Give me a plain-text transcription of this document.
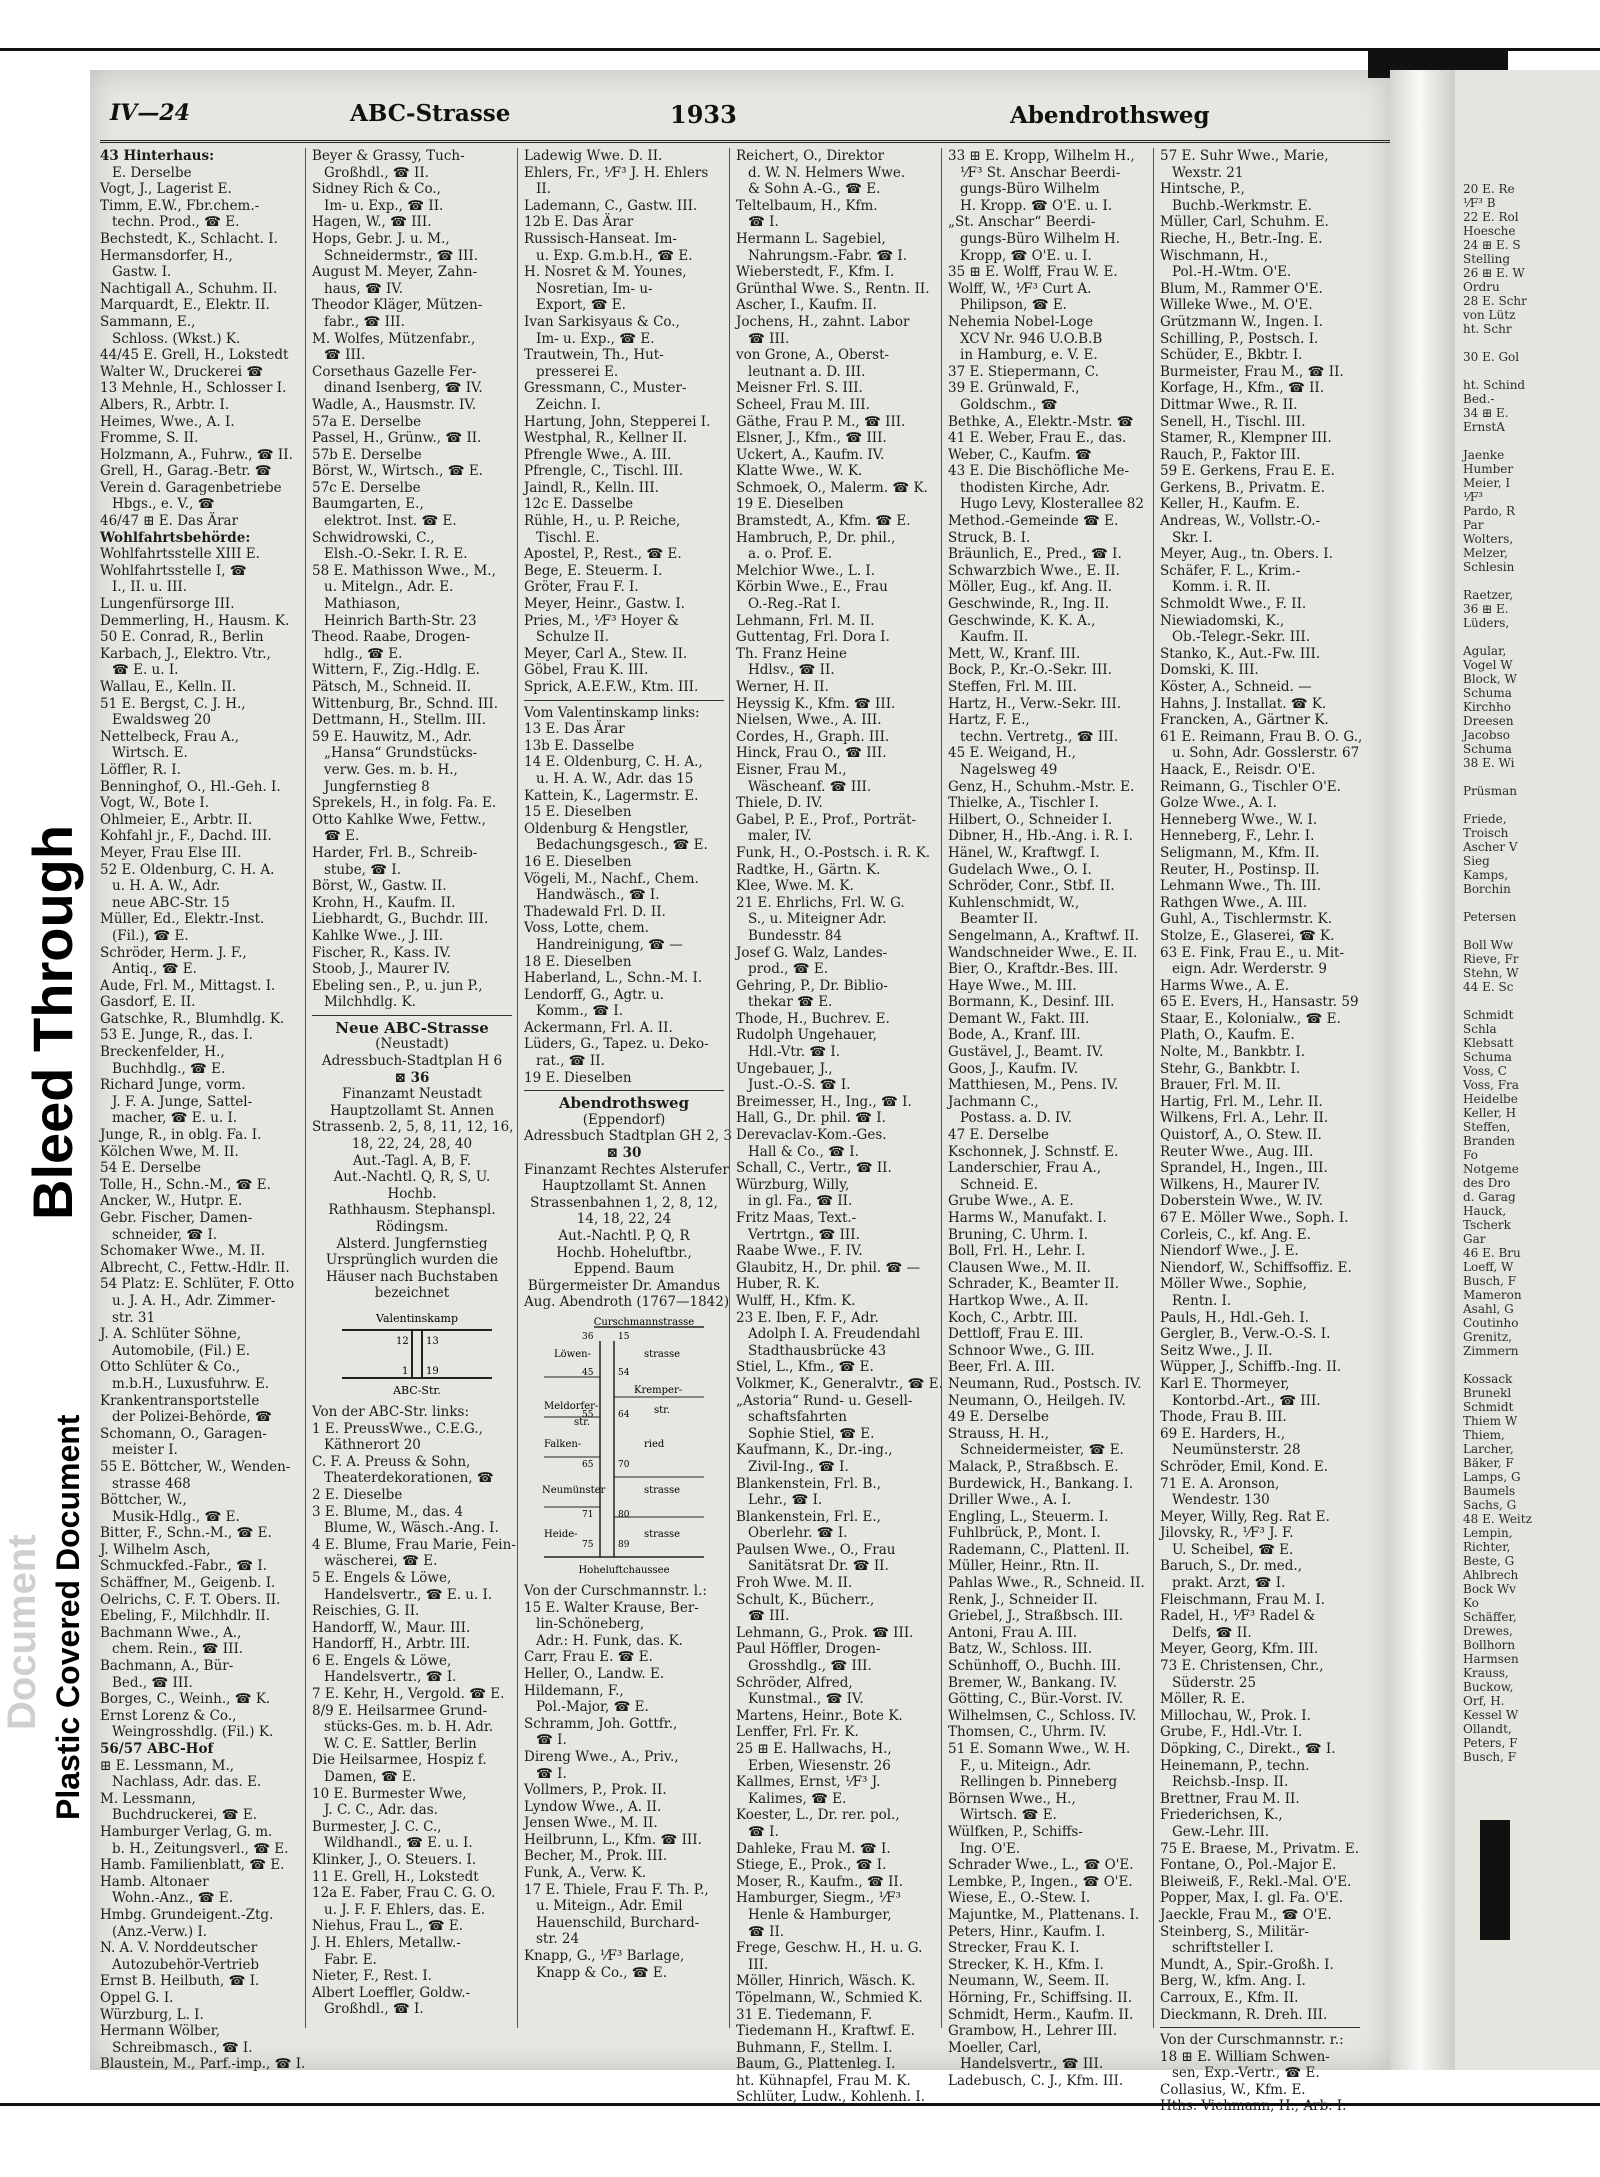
Bleed Through
Document Plastic Covered Document
20 E. Re
⅟F³ B
22 E. Rol
Hoesche
24 ⊞ E. S
Stelling
26 ⊞ E. W
Ordru
28 E. Schr
von Lütz
ht. Schr

30 E. Gol

ht. Schind
Bed.-
34 ⊞ E.
ErnstA

Jaenke
Humber
Meier, I
⅟F³
Pardo, R
Par
Wolters,
Melzer,
Schlesin

Raetzer,
36 ⊞ E.
Lüders,

Agular,
Vogel W
Block, W
Schuma
Kirchho
Dreesen
Jacobso
Schuma
38 E. Wi

Prüsman

Friede,
Troisch
Ascher V
Sieg
Kamps,
Borchin

Petersen

Boll Ww
Rieve, Fr
Stehn, W
44 E. Sc

Schmidt
Schla
Klebsatt
Schuma
Voss, C
Voss, Fra
Heidelbe
Keller, H
Steffen,
Branden
Fo
Notgeme
des Dro
d. Garag
Hauck,
Tscherk
Gar
46 E. Bru
Loeff, W
Busch, F
Mameron
Asahl, G
Coutinho
Grenitz,
Zimmern

Kossack
Brunekl
Schmidt
Thiem W
Thiem,
Larcher,
Bäker, F
Lamps, G
Baumels
Sachs, G
48 E. Weitz
Lempin,
Richter,
Beste, G
Ahlbrech
Bock Wv
Ko
Schäffer,
Drewes,
Bollhorn
Harmsen
Krauss,
Buckow,
Orf, H.
Kessel W
Ollandt,
Peters, F
Busch, F
IV—24	ABC-Strasse	1933	Abendrothsweg
43 Hinterhaus:
E. Derselbe
Vogt, J., Lagerist E.
Timm, E.W., Fbr.chem.-
techn. Prod., ☎ E.
Bechstedt, K., Schlacht. I.
Hermansdorfer, H.,
Gastw. I.
Nachtigall A., Schuhm. II.
Marquardt, E., Elektr. II.
Sammann, E.,
Schloss. (Wkst.) K.
44/45 E. Grell, H., Lokstedt
Walter W., Druckerei ☎
13 Mehnle, H., Schlosser I.
Albers, R., Arbtr. I.
Heimes, Wwe., A. I.
Fromme, S. II.
Holzmann, A., Fuhrw., ☎ II.
Grell, H., Garag.-Betr. ☎
Verein d. Garagenbetriebe
Hbgs., e. V., ☎
46/47 ⊞ E. Das Ärar
Wohlfahrtsbehörde:
Wohlfahrtsstelle XIII E.
Wohlfahrtsstelle I, ☎
I., II. u. III.
Lungenfürsorge III.
Demmerling, H., Hausm. K.
50 E. Conrad, R., Berlin
Karbach, J., Elektro. Vtr.,
☎ E. u. I.
Wallau, E., Kelln. II.
51 E. Bergst, C. J. H.,
Ewaldsweg 20
Nettelbeck, Frau A.,
Wirtsch. E.
Löffler, R. I.
Benninghof, O., Hl.-Geh. I.
Vogt, W., Bote I.
Ohlmeier, E., Arbtr. II.
Kohfahl jr., F., Dachd. III.
Meyer, Frau Else III.
52 E. Oldenburg, C. H. A.
u. H. A. W., Adr.
neue ABC-Str. 15
Müller, Ed., Elektr.-Inst.
(Fil.), ☎ E.
Schröder, Herm. J. F.,
Antiq., ☎ E.
Aude, Frl. M., Mittagst. I.
Gasdorf, E. II.
Gatschke, R., Blumhdlg. K.
53 E. Junge, R., das. I.
Breckenfelder, H.,
Buchhdlg., ☎ E.
Richard Junge, vorm.
J. F. A. Junge, Sattel-
macher, ☎ E. u. I.
Junge, R., in oblg. Fa. I.
Kölchen Wwe, M. II.
54 E. Derselbe
Tolle, H., Schn.-M., ☎ E.
Ancker, W., Hutpr. E.
Gebr. Fischer, Damen-
schneider, ☎ I.
Schomaker Wwe., M. II.
Albrecht, C., Fettw.-Hdlr. II.
54 Platz: E. Schlüter, F. Otto
u. J. A. H., Adr. Zimmer-
str. 31
J. A. Schlüter Söhne,
Automobile, (Fil.) E.
Otto Schlüter & Co.,
m.b.H., Luxusfuhrw. E.
Krankentransportstelle
der Polizei-Behörde, ☎
Schomann, O., Garagen-
meister I.
55 E. Böttcher, W., Wenden-
strasse 468
Böttcher, W.,
Musik-Hdlg., ☎ E.
Bitter, F., Schn.-M., ☎ E.
J. Wilhelm Asch,
Schmuckfed.-Fabr., ☎ I.
Schäffner, M., Geigenb. I.
Oelrichs, C. F. T. Obers. II.
Ebeling, F., Milchhdlr. II.
Bachmann Wwe., A.,
chem. Rein., ☎ III.
Bachmann, A., Bür-
Bed., ☎ III.
Borges, C., Weinh., ☎ K.
Ernst Lorenz & Co.,
Weingrosshdlg. (Fil.) K.
56/57 ABC-Hof
⊞ E. Lessmann, M.,
Nachlass, Adr. das. E.
M. Lessmann,
Buchdruckerei, ☎ E.
Hamburger Verlag, G. m.
b. H., Zeitungsverl., ☎ E.
Hamb. Familienblatt, ☎ E.
Hamb. Altonaer
Wohn.-Anz., ☎ E.
Hmbg. Grundeigent.-Ztg.
(Anz.-Verw.) I.
N. A. V. Norddeutscher
Autozubehör-Vertrieb
Ernst B. Heilbuth, ☎ I.
Oppel G. I.
Würzburg, L. I.
Hermann Wölber,
Schreibmasch., ☎ I.
Blaustein, M., Parf.-imp., ☎ I.
Beyer & Grassy, Tuch-
Großhdl., ☎ II.
Sidney Rich & Co.,
Im- u. Exp., ☎ II.
Hagen, W., ☎ III.
Hops, Gebr. J. u. M.,
Schneidermstr., ☎ III.
August M. Meyer, Zahn-
haus, ☎ IV.
Theodor Kläger, Mützen-
fabr., ☎ III.
M. Wolfes, Mützenfabr.,
☎ III.
Corsethaus Gazelle Fer-
dinand Isenberg, ☎ IV.
Wadle, A., Hausmstr. IV.
57a E. Derselbe
Passel, H., Grünw., ☎ II.
57b E. Derselbe
Börst, W., Wirtsch., ☎ E.
57c E. Derselbe
Baumgarten, E.,
elektrot. Inst. ☎ E.
Schwidrowski, C.,
Elsh.-O.-Sekr. I. R. E.
58 E. Mathisson Wwe., M.,
u. Mitelgn., Adr. E.
Mathiason,
Heinrich Barth-Str. 23
Theod. Raabe, Drogen-
hdlg., ☎ E.
Wittern, F., Zig.-Hdlg. E.
Pätsch, M., Schneid. II.
Wittenburg, Br., Schnd. III.
Dettmann, H., Stellm. III.
59 E. Hauwitz, M., Adr.
„Hansa“ Grundstücks-
verw. Ges. m. b. H.,
Jungfernstieg 8
Sprekels, H., in folg. Fa. E.
Otto Kahlke Wwe, Fettw.,
☎ E.
Harder, Frl. B., Schreib-
stube, ☎ I.
Börst, W., Gastw. II.
Krohn, H., Kaufm. II.
Liebhardt, G., Buchdr. III.
Kahlke Wwe., J. III.
Fischer, R., Kass. IV.
Stoob, J., Maurer IV.
Ebeling sen., P., u. jun P.,
Milchhdlg. K.
Neue ABC-Strasse
(Neustadt)
Adressbuch-Stadtplan H 6
⊠ 36
Finanzamt Neustadt
Hauptzollamt St. Annen
Strassenb. 2, 5, 8, 11, 12, 16,
18, 22, 24, 28, 40
Aut.-Tagl. A, B, F.
Aut.-Nachtl. Q, R, S, U.
Hochb.
Rathhausm. Stephanspl.
Rödingsm.
Alsterd. Jungfernstieg
Ursprünglich wurden die
Häuser nach Buchstaben
bezeichnet
Valentinskamp
ABC-Str.
12 13
1 19
Von der ABC-Str. links:
1 E. PreussWwe., C.E.G.,
Käthnerort 20
C. F. A. Preuss & Sohn,
Theaterdekorationen, ☎
2 E. Dieselbe
3 E. Blume, M., das. 4
Blume, W., Wäsch.-Ang. I.
4 E. Blume, Frau Marie, Fein-
wäscherei, ☎ E.
5 E. Engels & Löwe,
Handelsvertr., ☎ E. u. I.
Reischies, G. II.
Handorff, W., Maur. III.
Handorff, H., Arbtr. III.
6 E. Engels & Löwe,
Handelsvertr., ☎ I.
7 E. Kehr, H., Vergold. ☎ E.
8/9 E. Heilsarmee Grund-
stücks-Ges. m. b. H. Adr.
W. C. E. Sattler, Berlin
Die Heilsarmee, Hospiz f.
Damen, ☎ E.
10 E. Burmester Wwe,
J. C. C., Adr. das.
Burmester, J. C. C.,
Wildhandl., ☎ E. u. I.
Klinker, J., O. Steuers. I.
11 E. Grell, H., Lokstedt
12a E. Faber, Frau C. G. O.
u. J. F. F. Ehlers, das. E.
Niehus, Frau L., ☎ E.
J. H. Ehlers, Metallw.-
Fabr. E.
Nieter, F., Rest. I.
Albert Loeffler, Goldw.-
Großhdl., ☎ I.
Ladewig Wwe. D. II.
Ehlers, Fr., ⅟F³ J. H. Ehlers
II.
Lademann, C., Gastw. III.
12b E. Das Ärar
Russisch-Hanseat. Im-
u. Exp. G.m.b.H., ☎ E.
H. Nosret & M. Younes,
Nosretian, Im- u-
Export, ☎ E.
Ivan Sarkisyaus & Co.,
Im- u. Exp., ☎ E.
Trautwein, Th., Hut-
presserei E.
Gressmann, C., Muster-
Zeichn. I.
Hartung, John, Stepperei I.
Westphal, R., Kellner II.
Pfrengle Wwe., A. III.
Pfrengle, C., Tischl. III.
Jaindl, R., Kelln. III.
12c E. Dasselbe
Rühle, H., u. P. Reiche,
Tischl. E.
Apostel, P., Rest., ☎ E.
Bege, E. Steuerm. I.
Gröter, Frau F. I.
Meyer, Heinr., Gastw. I.
Pries, M., ⅟F³ Hoyer &
Schulze II.
Meyer, Carl A., Stew. II.
Göbel, Frau K. III.
Sprick, A.E.F.W., Ktm. III.
Vom Valentinskamp links:
13 E. Das Ärar
13b E. Dasselbe
14 E. Oldenburg, C. H. A.,
u. H. A. W., Adr. das 15
Kattein, K., Lagermstr. E.
15 E. Dieselben
Oldenburg & Hengstler,
Bedachungsgesch., ☎ E.
16 E. Dieselben
Vögeli, M., Nachf., Chem.
Handwäsch., ☎ I.
Thadewald Frl. D. II.
Voss, Lotte, chem.
Handreinigung, ☎ —
18 E. Dieselben
Haberland, L., Schn.-M. I.
Lendorff, G., Agtr. u.
Komm., ☎ I.
Ackermann, Frl. A. II.
Lüders, G., Tapez. u. Deko-
rat., ☎ II.
19 E. Dieselben
Abendrothsweg
(Eppendorf)
Adressbuch Stadtplan GH 2, 3
⊠ 30
Finanzamt Rechtes Alsterufer
Hauptzollamt St. Annen
Strassenbahnen 1, 2, 8, 12,
14, 18, 22, 24
Aut.-Nachtl. P, Q, R
Hochb. Hoheluftbr.,
Eppend. Baum
Bürgermeister Dr. Amandus
Aug. Abendroth (1767—1842)
Curschmannstrasse
Löwen-	strasse
Kremper-
str.
Meldorfer-
str.
Falken-	ried
Neumünster	strasse
Heide-	strasse
Hoheluftchaussee
36	15
45	54
55	64
65	70
71	80
75	89
Von der Curschmannstr. l.:
15 E. Walter Krause, Ber-
lin-Schöneberg,
Adr.: H. Funk, das. K.
Carr, Frau E. ☎ E.
Heller, O., Landw. E.
Hildemann, F.,
Pol.-Major, ☎ E.
Schramm, Joh. Gottfr.,
☎ I.
Direng Wwe., A., Priv.,
☎ I.
Vollmers, P., Prok. II.
Lyndow Wwe., A. II.
Jensen Wwe., M. II.
Heilbrunn, L., Kfm. ☎ III.
Becher, M., Prok. III.
Funk, A., Verw. K.
17 E. Thiele, Frau F. Th. P.,
u. Miteign., Adr. Emil
Hauenschild, Burchard-
str. 24
Knapp, G., ⅟F³ Barlage,
Knapp & Co., ☎ E.
Reichert, O., Direktor
d. W. N. Helmers Wwe.
& Sohn A.-G., ☎ E.
Teltelbaum, H., Kfm.
☎ I.
Hermann L. Sagebiel,
Nahrungsm.-Fabr. ☎ I.
Wieberstedt, F., Kfm. I.
Grünthal Wwe. S., Rentn. II.
Ascher, I., Kaufm. II.
Jochens, H., zahnt. Labor
☎ III.
von Grone, A., Oberst-
leutnant a. D. III.
Meisner Frl. S. III.
Scheel, Frau M. III.
Gäthe, Frau P. M., ☎ III.
Elsner, J., Kfm., ☎ III.
Uckert, A., Kaufm. IV.
Klatte Wwe., W. K.
Schmoek, O., Malerm. ☎ K.
19 E. Dieselben
Bramstedt, A., Kfm. ☎ E.
Hambruch, P., Dr. phil.,
a. o. Prof. E.
Melchior Wwe., L. I.
Körbin Wwe., E., Frau
O.-Reg.-Rat I.
Lehmann, Frl. M. II.
Guttentag, Frl. Dora I.
Th. Franz Heine
Hdlsv., ☎ II.
Werner, H. II.
Heyssig K., Kfm. ☎ III.
Nielsen, Wwe., A. III.
Cordes, H., Graph. III.
Hinck, Frau O., ☎ III.
Eisner, Frau M.,
Wäscheanf. ☎ III.
Thiele, D. IV.
Gabel, P. E., Prof., Porträt-
maler, IV.
Funk, H., O.-Postsch. i. R. K.
Radtke, H., Gärtn. K.
Klee, Wwe. M. K.
21 E. Ehrlichs, Frl. W. G.
S., u. Miteigner Adr.
Bundesstr. 84
Josef G. Walz, Landes-
prod., ☎ E.
Gehring, P., Dr. Biblio-
thekar ☎ E.
Thode, H., Buchrev. E.
Rudolph Ungehauer,
Hdl.-Vtr. ☎ I.
Ungebauer, J.,
Just.-O.-S. ☎ I.
Breimesser, H., Ing., ☎ I.
Hall, G., Dr. phil. ☎ I.
Derevaclav-Kom.-Ges.
Hall & Co., ☎ I.
Schall, C., Vertr., ☎ II.
Würzburg, Willy,
in gl. Fa., ☎ II.
Fritz Maas, Text.-
Vertrtgn., ☎ III.
Raabe Wwe., F. IV.
Glaubitz, H., Dr. phil. ☎ —
Huber, R. K.
Wulff, H., Kfm. K.
23 E. Iben, F. F., Adr.
Adolph I. A. Freudendahl
Stadthausbrücke 43
Stiel, L., Kfm., ☎ E.
Volkmer, K., Generalvtr., ☎ E.
„Astoria“ Rund- u. Gesell-
schaftsfahrten
Sophie Stiel, ☎ E.
Kaufmann, K., Dr.-ing.,
Zivil-Ing., ☎ I.
Blankenstein, Frl. B.,
Lehr., ☎ I.
Blankenstein, Frl. E.,
Oberlehr. ☎ I.
Paulsen Wwe., O., Frau
Sanitätsrat Dr. ☎ II.
Froh Wwe. M. II.
Schult, K., Bücherr.,
☎ III.
Lehmann, G., Prok. ☎ III.
Paul Höffler, Drogen-
Grosshdlg., ☎ III.
Schröder, Alfred,
Kunstmal., ☎ IV.
Martens, Heinr., Bote K.
Lenffer, Frl. Fr. K.
25 ⊞ E. Hallwachs, H.,
Erben, Wiesenstr. 26
Kallmes, Ernst, ⅟F³ J.
Kalimes, ☎ E.
Koester, L., Dr. rer. pol.,
☎ I.
Dahleke, Frau M. ☎ I.
Stiege, E., Prok., ☎ I.
Moser, R., Kaufm., ☎ II.
Hamburger, Siegm., ⅟F³
Henle & Hamburger,
☎ II.
Frege, Geschw. H., H. u. G.
III.
Möller, Hinrich, Wäsch. K.
Töpelmann, W., Schmied K.
31 E. Tiedemann, F.
Tiedemann H., Kraftwf. E.
Buhmann, F., Stellm. I.
Baum, G., Plattenleg. I.
ht. Kühnapfel, Frau M. K.
Schlüter, Ludw., Kohlenh. I.
33 ⊞ E. Kropp, Wilhelm H.,
⅟F³ St. Anschar Beerdi-
gungs-Büro Wilhelm
H. Kropp. ☎ O'E. u. I.
„St. Anschar“ Beerdi-
gungs-Büro Wilhelm H.
Kropp, ☎ O'E. u. I.
35 ⊞ E. Wolff, Frau W. E.
Wolff, W., ⅟F³ Curt A.
Philipson, ☎ E.
Nehemia Nobel-Loge
XCV Nr. 946 U.O.B.B
in Hamburg, e. V. E.
37 E. Stiepermann, C.
39 E. Grünwald, F.,
Goldschm., ☎
Bethke, A., Elektr.-Mstr. ☎
41 E. Weber, Frau E., das.
Weber, C., Kaufm. ☎
43 E. Die Bischöfliche Me-
thodisten Kirche, Adr.
Hugo Levy, Klosterallee 82
Method.-Gemeinde ☎ E.
Struck, B. I.
Bräunlich, E., Pred., ☎ I.
Schwarzbich Wwe., E. II.
Möller, Eug., kf. Ang. II.
Geschwinde, R., Ing. II.
Geschwinde, K. K. A.,
Kaufm. II.
Mett, W., Kranf. III.
Bock, P., Kr.-O.-Sekr. III.
Steffen, Frl. M. III.
Hartz, H., Verw.-Sekr. III.
Hartz, F. E.,
techn. Vertretg., ☎ III.
45 E. Weigand, H.,
Nagelsweg 49
Genz, H., Schuhm.-Mstr. E.
Thielke, A., Tischler I.
Hilbert, O., Schneider I.
Dibner, H., Hb.-Ang. i. R. I.
Hänel, W., Kraftwgf. I.
Gudelach Wwe., O. I.
Schröder, Conr., Stbf. II.
Kuhlenschmidt, W.,
Beamter II.
Sengelmann, A., Kraftwf. II.
Wandschneider Wwe., E. II.
Bier, O., Kraftdr.-Bes. III.
Haye Wwe., M. III.
Bormann, K., Desinf. III.
Demant W., Fakt. III.
Bode, A., Kranf. III.
Gustävel, J., Beamt. IV.
Goos, J., Kaufm. IV.
Matthiesen, M., Pens. IV.
Jachmann C.,
Postass. a. D. IV.
47 E. Derselbe
Kschonnek, J. Schnstf. E.
Landerschier, Frau A.,
Schneid. E.
Grube Wwe., A. E.
Harms W., Manufakt. I.
Bruning, C. Uhrm. I.
Boll, Frl. H., Lehr. I.
Clausen Wwe., M. II.
Schrader, K., Beamter II.
Hartkop Wwe., A. II.
Koch, C., Arbtr. III.
Dettloff, Frau E. III.
Schnoor Wwe., G. III.
Beer, Frl. A. III.
Neumann, Rud., Postsch. IV.
Neumann, O., Heilgeh. IV.
49 E. Derselbe
Strauss, H. H.,
Schneidermeister, ☎ E.
Malack, P., Straßbsch. E.
Burdewick, H., Bankang. I.
Driller Wwe., A. I.
Engling, L., Steuerm. I.
Fuhlbrück, P., Mont. I.
Rademann, C., Plattenl. II.
Müller, Heinr., Rtn. II.
Pahlas Wwe., R., Schneid. II.
Renk, J., Schneider II.
Griebel, J., Straßbsch. III.
Antoni, Frau A. III.
Batz, W., Schloss. III.
Schünhoff, O., Buchh. III.
Bremer, W., Bankang. IV.
Götting, C., Bür.-Vorst. IV.
Wilhelmsen, C., Schloss. IV.
Thomsen, C., Uhrm. IV.
51 E. Somann Wwe., W. H.
F., u. Miteign., Adr.
Rellingen b. Pinneberg
Börnsen Wwe., H.,
Wirtsch. ☎ E.
Wülfken, P., Schiffs-
Ing. O'E.
Schrader Wwe., L., ☎ O'E.
Lembke, P., Ingen., ☎ O'E.
Wiese, E., O.-Stew. I.
Majuntke, M., Plattenans. I.
Peters, Hinr., Kaufm. I.
Strecker, Frau K. I.
Strecker, K. H., Kfm. I.
Neumann, W., Seem. II.
Hörning, Fr., Schiffsing. II.
Schmidt, Herm., Kaufm. II.
Grambow, H., Lehrer III.
Moeller, Carl,
Handelsvertr., ☎ III.
Ladebusch, C. J., Kfm. III.
57 E. Suhr Wwe., Marie,
Wexstr. 21
Hintsche, P.,
Buchb.-Werkmstr. E.
Müller, Carl, Schuhm. E.
Rieche, H., Betr.-Ing. E.
Wischmann, H.,
Pol.-H.-Wtm. O'E.
Blum, M., Rammer O'E.
Willeke Wwe., M. O'E.
Grützmann W., Ingen. I.
Schilling, P., Postsch. I.
Schüder, E., Bkbtr. I.
Burmeister, Frau M., ☎ II.
Korfage, H., Kfm., ☎ II.
Dittmar Wwe., R. II.
Senell, H., Tischl. III.
Stamer, R., Klempner III.
Rauch, P., Faktor III.
59 E. Gerkens, Frau E. E.
Gerkens, B., Privatm. E.
Keller, H., Kaufm. E.
Andreas, W., Vollstr.-O.-
Skr. I.
Meyer, Aug., tn. Obers. I.
Schäfer, F. L., Krim.-
Komm. i. R. II.
Schmoldt Wwe., F. II.
Niewiadomski, K.,
Ob.-Telegr.-Sekr. III.
Stanko, K., Aut.-Fw. III.
Domski, K. III.
Köster, A., Schneid. —
Hahns, J. Installat. ☎ K.
Francken, A., Gärtner K.
61 E. Reimann, Frau B. O. G.,
u. Sohn, Adr. Gosslerstr. 67
Haack, E., Reisdr. O'E.
Reimann, G., Tischler O'E.
Golze Wwe., A. I.
Henneberg Wwe., W. I.
Henneberg, F., Lehr. I.
Seligmann, M., Kfm. II.
Reuter, H., Postinsp. II.
Lehmann Wwe., Th. III.
Rathgen Wwe., A. III.
Guhl, A., Tischlermstr. K.
Stolze, E., Glaserei, ☎ K.
63 E. Fink, Frau E., u. Mit-
eign. Adr. Werderstr. 9
Harms Wwe., A. E.
65 E. Evers, H., Hansastr. 59
Staar, E., Kolonialw., ☎ E.
Plath, O., Kaufm. E.
Nolte, M., Bankbtr. I.
Stehr, G., Bankbtr. I.
Brauer, Frl. M. II.
Hartig, Frl. M., Lehr. II.
Wilkens, Frl. A., Lehr. II.
Quistorf, A., O. Stew. II.
Reuter Wwe., Aug. III.
Sprandel, H., Ingen., III.
Wilkens, H., Maurer IV.
Doberstein Wwe., W. IV.
67 E. Möller Wwe., Soph. I.
Corleis, C., kf. Ang. E.
Niendorf Wwe., J. E.
Niendorf, W., Schiffsoffiz. E.
Möller Wwe., Sophie,
Rentn. I.
Pauls, H., Hdl.-Geh. I.
Gergler, B., Verw.-O.-S. I.
Seitz Wwe., J. II.
Wüpper, J., Schiffb.-Ing. II.
Karl E. Thormeyer,
Kontorbd.-Art., ☎ III.
Thode, Frau B. III.
69 E. Harders, H.,
Neumünsterstr. 28
Schröder, Emil, Kond. E.
71 E. A. Aronson,
Wendestr. 130
Meyer, Willy, Reg. Rat E.
Jilovsky, R., ⅟F³ J. F.
U. Scheibel, ☎ E.
Baruch, S., Dr. med.,
prakt. Arzt, ☎ I.
Fleischmann, Frau M. I.
Radel, H., ⅟F³ Radel &
Delfs, ☎ II.
Meyer, Georg, Kfm. III.
73 E. Christensen, Chr.,
Süderstr. 25
Möller, R. E.
Millochau, W., Prok. I.
Grube, F., Hdl.-Vtr. I.
Döpking, C., Direkt., ☎ I.
Heinemann, P., techn.
Reichsb.-Insp. II.
Brettner, Frau M. II.
Friederichsen, K.,
Gew.-Lehr. III.
75 E. Braese, M., Privatm. E.
Fontane, O., Pol.-Major E.
Bleiweiß, F., Rekl.-Mal. O'E.
Popper, Max, I. gl. Fa. O'E.
Jaeckle, Frau M., ☎ O'E.
Steinberg, S., Militär-
schriftsteller I.
Mundt, A., Spir.-Großh. I.
Berg, W., kfm. Ang. I.
Carroux, E., Kfm. II.
Dieckmann, R. Dreh. III.
Von der Curschmannstr. r.:
18 ⊞ E. William Schwen-
sen, Exp.-Vertr., ☎ E.
Collasius, W., Kfm. E.
Hths. Viehmann, H., Arb. I.
